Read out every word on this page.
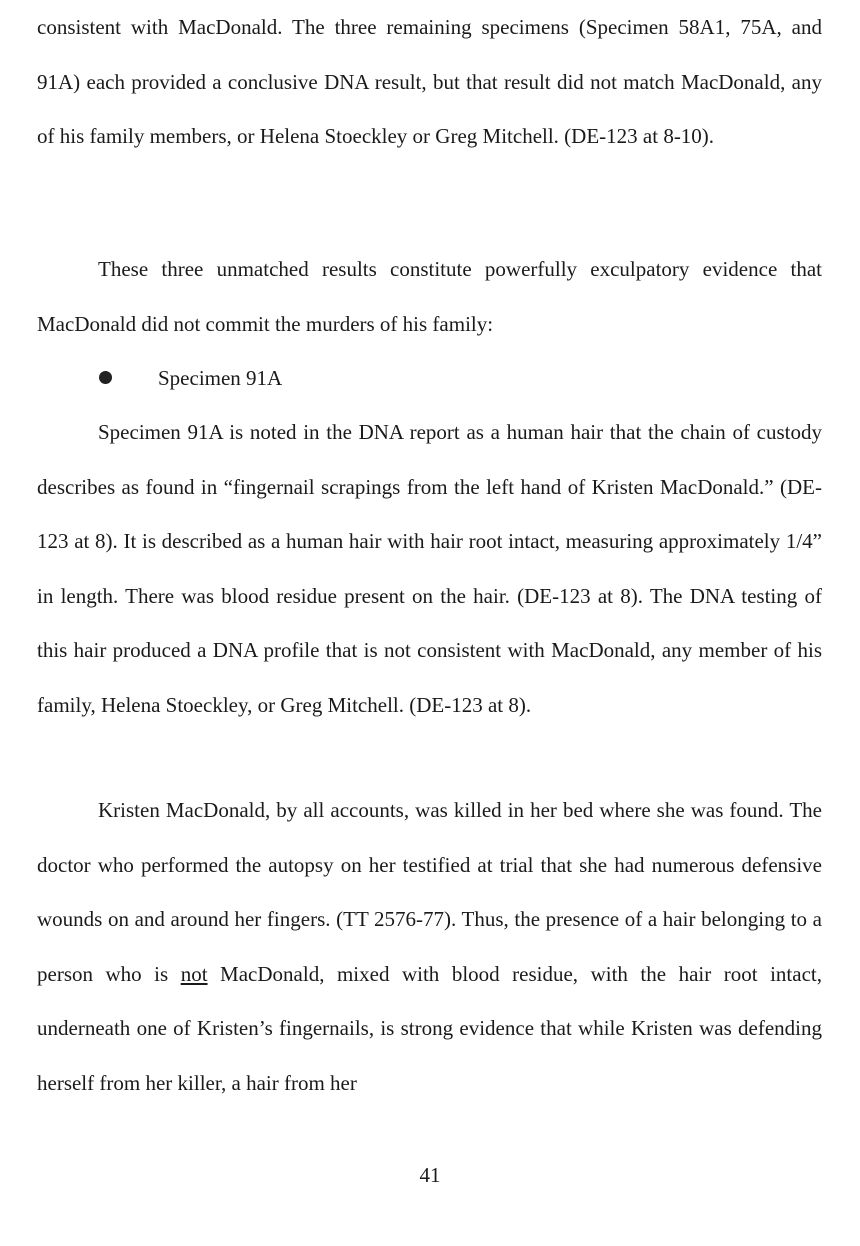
consistent with MacDonald. The three remaining specimens (Specimen 58A1, 75A, and 91A) each provided a conclusive DNA result, but that result did not match MacDonald, any of his family members, or Helena Stoeckley or Greg Mitchell. (DE-123 at 8-10).

These three unmatched results constitute powerfully exculpatory evidence that MacDonald did not commit the murders of his family:

Specimen 91A

Specimen 91A is noted in the DNA report as a human hair that the chain of custody describes as found in “fingernail scrapings from the left hand of Kristen MacDonald.” (DE-123 at 8). It is described as a human hair with hair root intact, measuring approximately 1/4” in length. There was blood residue present on the hair. (DE-123 at 8). The DNA testing of this hair produced a DNA profile that is not consistent with MacDonald, any member of his family, Helena Stoeckley, or Greg Mitchell. (DE-123 at 8).

Kristen MacDonald, by all accounts, was killed in her bed where she was found. The doctor who performed the autopsy on her testified at trial that she had numerous defensive wounds on and around her fingers. (TT 2576-77). Thus, the presence of a hair belonging to a person who is not MacDonald, mixed with blood residue, with the hair root intact, underneath one of Kristen’s fingernails, is strong evidence that while Kristen was defending herself from her killer, a hair from her

41
